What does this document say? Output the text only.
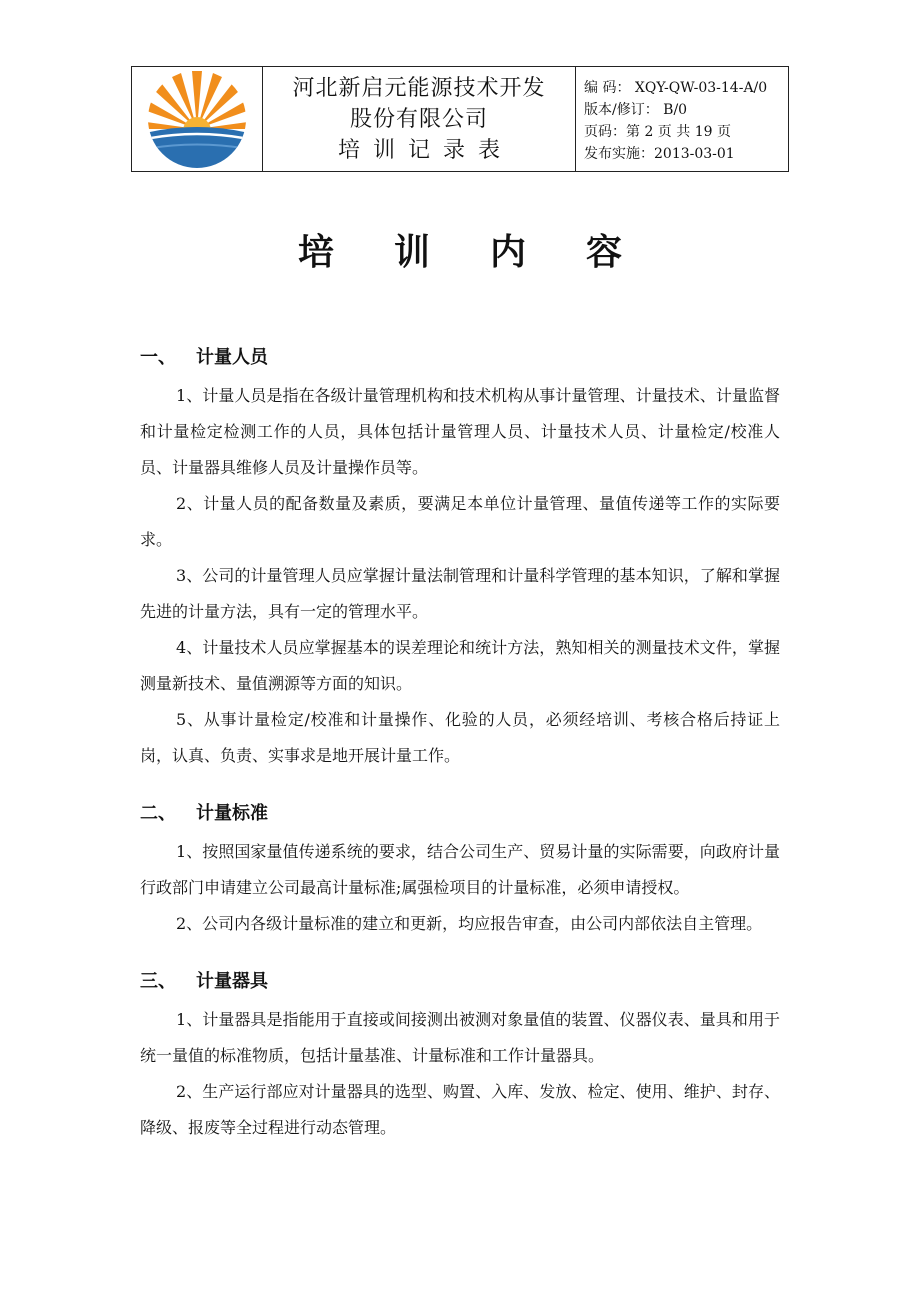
河北新启元能源技术开发
股份有限公司
培训记录表
编 码： XQY-QW-03-14-A/0
版本/修订： B/0
页码：第 2 页 共 19 页
发布实施：2013-03-01
培训内容
一、 计量人员

1、计量人员是指在各级计量管理机构和技术机构从事计量管理、计量技术、计量监督和计量检定检测工作的人员，具体包括计量管理人员、计量技术人员、计量检定/校准人员、计量器具维修人员及计量操作员等。

2、计量人员的配备数量及素质，要满足本单位计量管理、量值传递等工作的实际要求。

3、公司的计量管理人员应掌握计量法制管理和计量科学管理的基本知识，了解和掌握先进的计量方法，具有一定的管理水平。

4、计量技术人员应掌握基本的误差理论和统计方法，熟知相关的测量技术文件，掌握测量新技术、量值溯源等方面的知识。

5、从事计量检定/校准和计量操作、化验的人员，必须经培训、考核合格后持证上岗，认真、负责、实事求是地开展计量工作。

二、 计量标准

1、按照国家量值传递系统的要求，结合公司生产、贸易计量的实际需要，向政府计量行政部门申请建立公司最高计量标准;属强检项目的计量标准，必须申请授权。

2、公司内各级计量标准的建立和更新，均应报告审查，由公司内部依法自主管理。

三、 计量器具

1、计量器具是指能用于直接或间接测出被测对象量值的装置、仪器仪表、量具和用于统一量值的标准物质，包括计量基准、计量标准和工作计量器具。

2、生产运行部应对计量器具的选型、购置、入库、发放、检定、使用、维护、封存、降级、报废等全过程进行动态管理。
